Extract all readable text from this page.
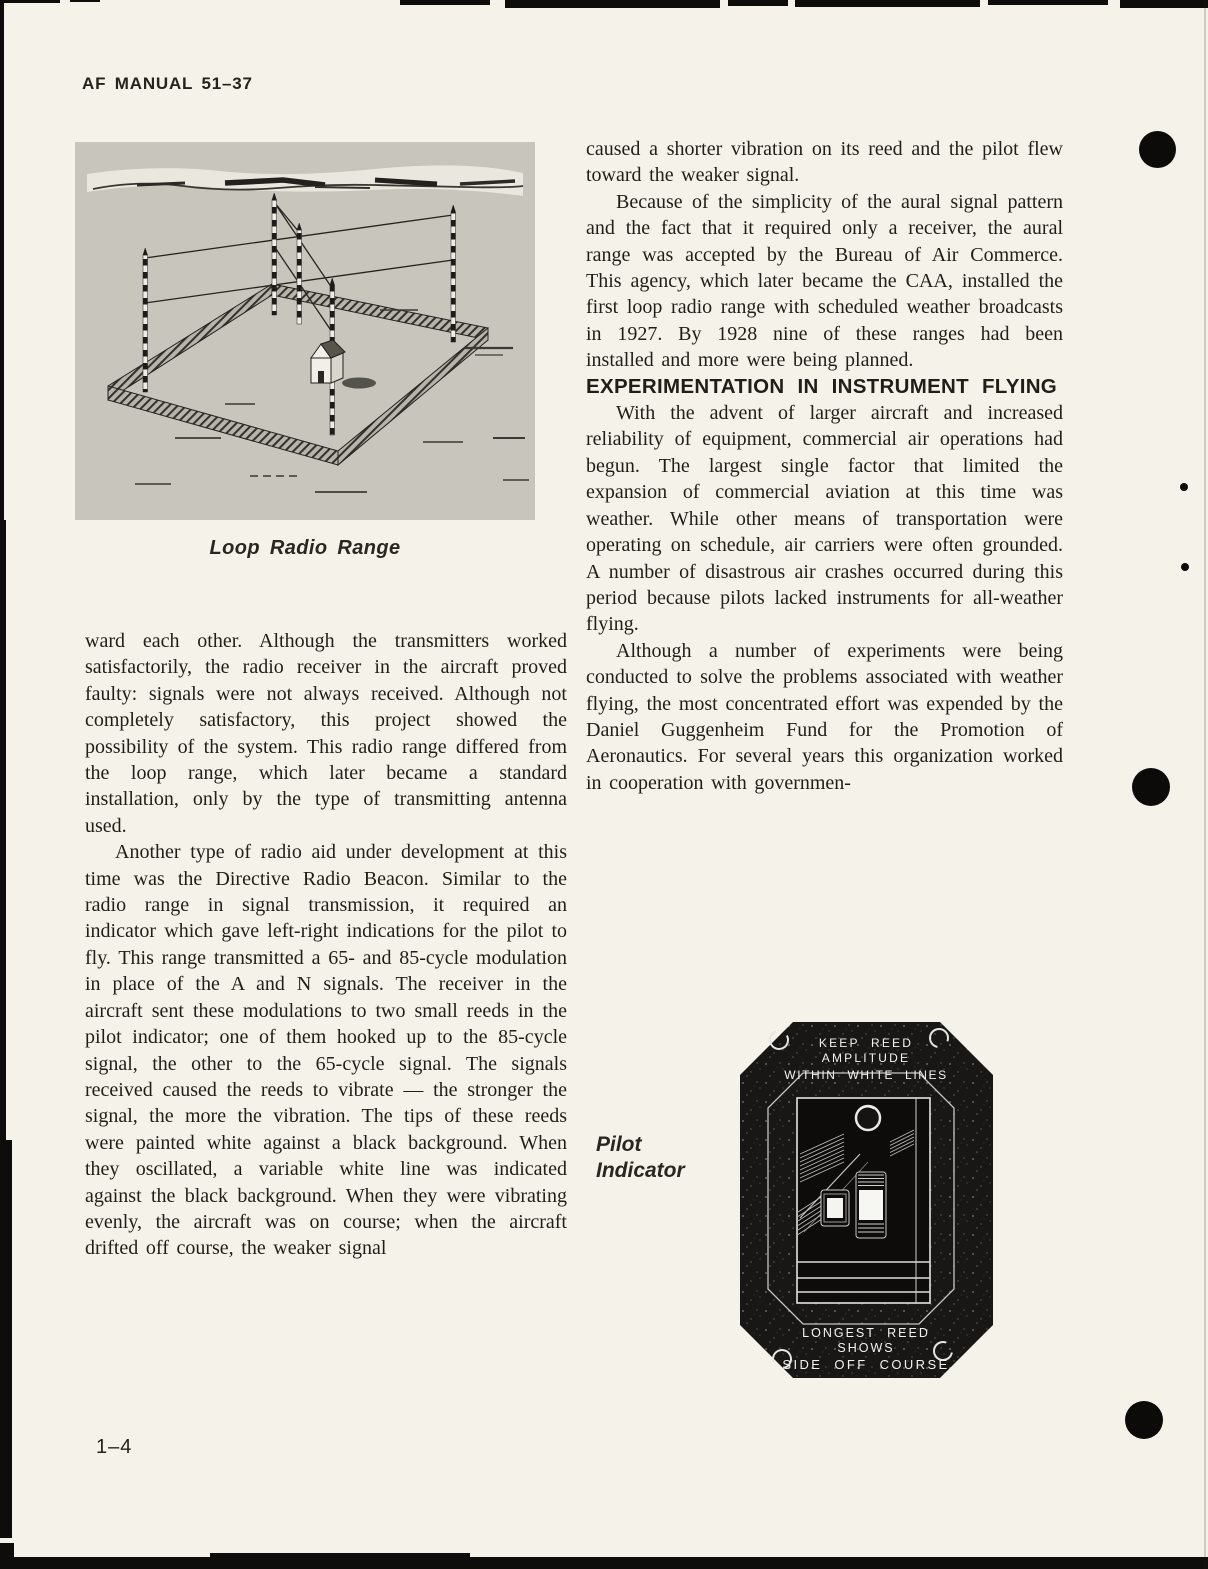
AF MANUAL 51–37
Loop Radio Range

ward each other. Although the transmitters worked satisfactorily, the radio receiver in the aircraft proved faulty: signals were not always received. Although not completely satisfactory, this project showed the possibility of the system. This radio range differed from the loop range, which later became a standard installation, only by the type of transmitting antenna used.

Another type of radio aid under development at this time was the Directive Radio Beacon. Similar to the radio range in signal transmission, it required an indicator which gave left-right indications for the pilot to fly. This range transmitted a 65- and 85-cycle modulation in place of the A and N signals. The receiver in the aircraft sent these modulations to two small reeds in the pilot indicator; one of them hooked up to the 85-cycle signal, the other to the 65-cycle signal. The signals received caused the reeds to vibrate — the stronger the signal, the more the vibration. The tips of these reeds were painted white against a black background. When they oscillated, a variable white line was indicated against the black background. When they were vibrating evenly, the aircraft was on course; when the aircraft drifted off course, the weaker signal

caused a shorter vibration on its reed and the pilot flew toward the weaker signal.

Because of the simplicity of the aural signal pattern and the fact that it required only a receiver, the aural range was accepted by the Bureau of Air Commerce. This agency, which later became the CAA, installed the first loop radio range with scheduled weather broadcasts in 1927. By 1928 nine of these ranges had been installed and more were being planned.

EXPERIMENTATION IN INSTRUMENT FLYING

With the advent of larger aircraft and increased reliability of equipment, commercial air operations had begun. The largest single factor that limited the expansion of commercial aviation at this time was weather. While other means of transportation were operating on schedule, air carriers were often grounded. A number of disastrous air crashes occurred during this period because pilots lacked instruments for all-weather flying.

Although a number of experiments were being conducted to solve the problems associated with weather flying, the most concentrated effort was expended by the Daniel Guggenheim Fund for the Promotion of Aeronautics. For several years this organization worked in cooperation with governmen-

Pilot
Indicator
KEEP REED
AMPLITUDE
WITHIN WHITE LINES
LONGEST REED
SHOWS
SIDE OFF COURSE
1–4
